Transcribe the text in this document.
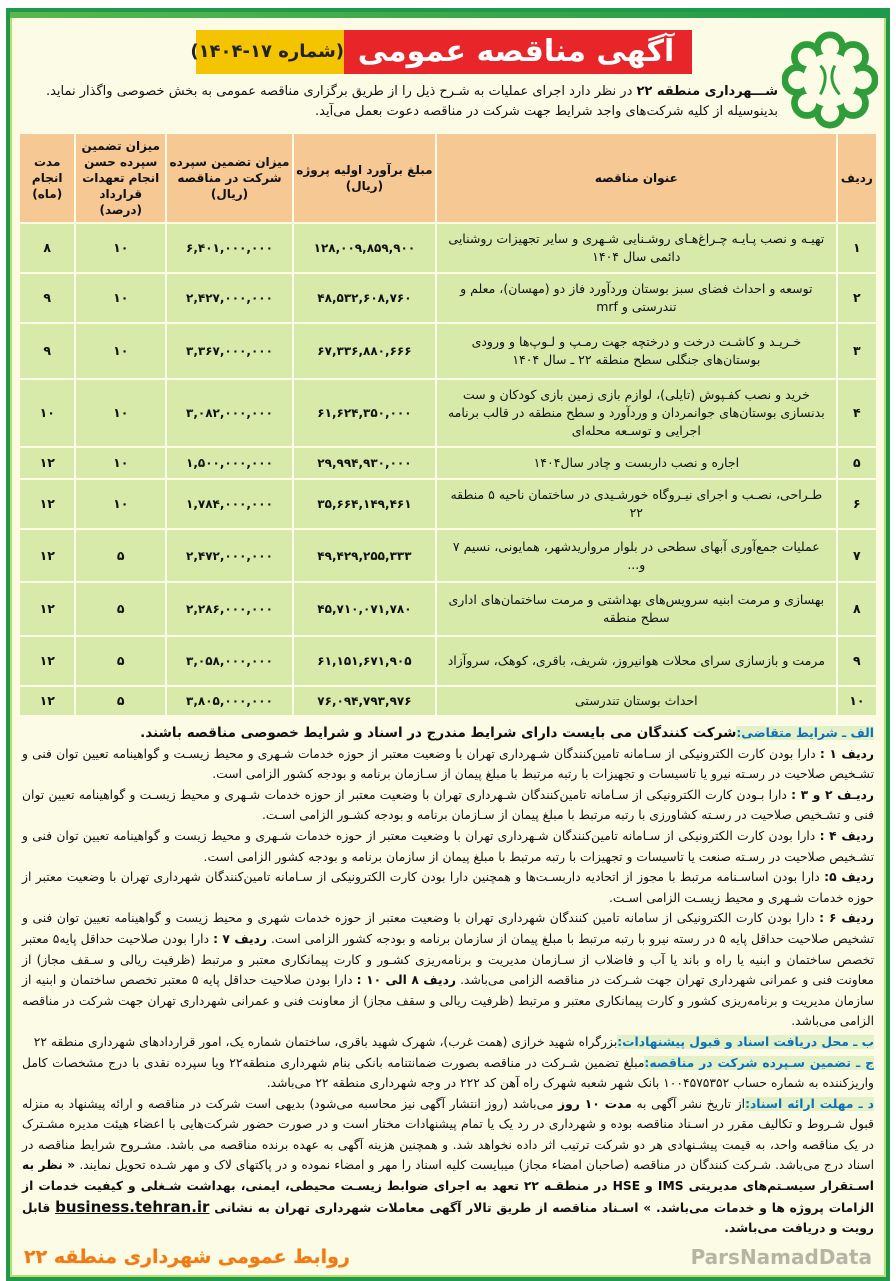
آگهی مناقصه عمومی
(شماره ۱۷-۱۴۰۴)
شـــهرداری منطقه ۲۲ در نظر دارد اجرای عملیات به شـرح ذیل را از طریق برگزاری مناقصه عمومی به بخش خصوصی واگذار نماید.
بدینوسیله از کلیه شرکت‌های واجد شرایط جهت شرکت در مناقصه دعوت بعمل می‌آید.
ردیف	عنوان مناقصه	مبلغ برآورد اولیه پروژه (ریال)	میزان تضمین سپرده شرکت در مناقصه (ریال)	میزان تضمین سپرده حسن انجام تعهدات قرارداد (درصد)	مدت انجام (ماه)
۱	تهیـه و نصب پـایـه چـراغ‌هـای روشـنایی شـهری و سایر تجهیزات روشنایی دائمی سال ۱۴۰۴	۱۲۸,۰۰۹,۸۵۹,۹۰۰	۶,۴۰۱,۰۰۰,۰۰۰	۱۰	۸
۲	توسعه و احداث فضای سبز بوستان وردآورد فاز دو (مهسان)، معلم و تندرستی و mrf	۴۸,۵۳۲,۶۰۸,۷۶۰	۲,۴۲۷,۰۰۰,۰۰۰	۱۰	۹
۳	خـریـد و کاشـت درخت و درختچه جهت رمـپ و لـوپ‌ها و ورودی بوستان‌های جنگلی سطح منطقه ۲۲ ـ سال ۱۴۰۴	۶۷,۳۳۶,۸۸۰,۶۶۶	۳,۳۶۷,۰۰۰,۰۰۰	۱۰	۹
۴	خرید و نصب کفـپوش (تایلی)، لوازم بازی زمین بازی کودکان و ست بدنسازی بوستان‌های جوانمردان و وردآورد و سطح منطقه در قالب برنامه اجرایی و توسـعه محله‌ای	۶۱,۶۲۴,۳۵۰,۰۰۰	۳,۰۸۲,۰۰۰,۰۰۰	۱۰	۱۰
۵	اجاره و نصب داربست و چادر سال۱۴۰۴	۲۹,۹۹۴,۹۳۰,۰۰۰	۱,۵۰۰,۰۰۰,۰۰۰	۱۰	۱۲
۶	طـراحی، نصـب و اجرای نیـروگاه خورشـیدی در ساختمان ناحیه ۵ منطقه ۲۲	۳۵,۶۶۴,۱۴۹,۴۶۱	۱,۷۸۴,۰۰۰,۰۰۰	۱۰	۱۲
۷	عملیات جمع‌آوری آبهای سطحی در بلوار مرواریدشهر، همایونی، نسیم ۷ و...	۴۹,۴۲۹,۲۵۵,۳۳۳	۲,۴۷۲,۰۰۰,۰۰۰	۵	۱۲
۸	بهسازی و مرمت ابنیه سرویس‌های بهداشتی و مرمت ساختمان‌های اداری سطح منطقه	۴۵,۷۱۰,۰۷۱,۷۸۰	۲,۲۸۶,۰۰۰,۰۰۰	۵	۱۲
۹	مرمت و بازسازی سرای محلات هوانیروز، شریف، باقری، کوهک، سروآزاد	۶۱,۱۵۱,۶۷۱,۹۰۵	۳,۰۵۸,۰۰۰,۰۰۰	۵	۱۲
۱۰	احداث بوستان تندرستی	۷۶,۰۹۴,۷۹۳,۹۷۶	۳,۸۰۵,۰۰۰,۰۰۰	۵	۱۲
الف ـ شرایط متقاضی:شرکت کنندگان می بایست دارای شرایط مندرج در اسناد و شرایط خصوصی مناقصه باشند.
ردیف ۱ : دارا بودن کارت الکترونیکی از سـامانه تامین‌کنندگان شـهرداری تهران با وضعیت معتبر از حوزه خدمات شـهری و محیط زیسـت و گواهینامه تعیین توان فنی و تشـخیص صلاحیت در رسـته نیرو یا تاسیسات و تجهیزات با رتبه مرتبط با مبلغ پیمان از سـازمان برنامه و بودجه کشور الزامی است.
ردیـف ۲ و ۳ : دارا بـودن کارت الکترونیکی از سـامانه تامین‌کنندگان شـهرداری تهران با وضعیت معتبر از حوزه خدمات شـهری و محیط زیسـت و گواهینامه تعیین توان فنی و تشـخیص صلاحیت در رسـته کشاورزی با رتبه مرتبط با مبلغ پیمان از سـازمان برنامه و بودجه کشـور الزامی اسـت.
ردیف ۴ : دارا بودن کارت الکترونیکی از سـامانه تامین‌کنندگان شـهرداری تهران با وضعیت معتبر از حوزه خدمات شـهری و محیط زیست و گواهینامه تعیین توان فنی و تشـخیص صلاحیت در رسـته صنعت یا تاسیسات و تجهیزات با رتبه مرتبط با مبلغ پیمان از سازمان برنامه و بودجه کشور الزامی است.
ردیف ۵: دارا بودن اساسـنامه مرتبط با مجوز از اتحادیه داربسـت‌ها و همچنین دارا بودن کارت الکترونیکی از سـامانه تامین‌کنندگان شهرداری تهران با وضعیت معتبر از حوزه خدمات شـهری و محیط زیسـت الزامی اسـت.
ردیف ۶ : دارا بودن کارت الکترونیکی از سامانه تامین کنندگان شهرداری تهران با وضعیت معتبر از حوزه خدمات شهری و محیط زیست و گواهینامه تعیین توان فنی و تشخیص صلاحیت حداقل پایه ۵ در رسته نیرو با رتبه مرتبط با مبلغ پیمان از سازمان برنامه و بودجه کشور الزامی است. ردیف ۷ : دارا بودن صلاحیت حداقل پایه۵ معتبر تخصص ساختمان و ابنیه یا راه و باند یا آب و فاضلاب از سـازمان مدیریت و برنامه‌ریزی کشـور و کارت پیمانکاری معتبر و مرتبط (ظرفیت ریالی و سـقف مجاز) از معاونت فنی و عمرانی شهرداری تهران جهت شـرکت در مناقصه الزامی می‌باشد. ردیف ۸ الی ۱۰ : دارا بودن صلاحیت حداقل پایه ۵ معتبر تخصص ساختمان و ابنیه از سازمان مدیریت و برنامه‌ریزی کشور و کارت پیمانکاری معتبر و مرتبط (ظرفیت ریالی و سقف مجاز) از معاونت فنی و عمرانی شهرداری تهران جهت شرکت در مناقصه الزامی می‌باشد.
ب ـ محل دریافت اسناد و قبول پیشنهادات:بزرگراه شهید خرازی (همت غرب)، شهرک شهید باقری، ساختمان شماره یک، امور قراردادهای شهرداری منطقه ۲۲
ج ـ تضمین سـپرده شرکت در مناقصه:مبلغ تضمین شـرکت در مناقصه بصورت ضمانتنامه بانکی بنام شهرداری منطقه۲۲ ویا سپرده نقدی با درج مشخصات کامل واریزکننده به شماره حساب ۱۰۰۴۵۷۵۳۵۲ بانک شهر شعبه شهرک راه آهن کد ۲۲۲ در وجه شهرداری منطقه ۲۲ می‌باشد.
د ـ مهلت ارائه اسناد:از تاریخ نشر آگهی به مدت ۱۰ روز می‌باشد (روز انتشار آگهی نیز محاسبه می‌شود) بدیهی است شرکت در مناقصه و ارائه پیشنهاد به منزله قبول شـروط و تکالیف مقرر در اسـناد مناقصه بوده و شهرداری در رد یک یا تمام پیشنهادات مختار است و در صورت حضور شرکت‌هایی با اعضاء هیئت مدیره مشـترک در یک مناقصه واحد، به قیمت پیشـنهادی هر دو شرکت ترتیب اثر داده نخواهد شد. و همچنین هزینه آگهی به عهده برنده مناقصه می باشد. مشـروح شرایط مناقصه در اسناد درج می‌باشد. شـرکت کنندگان در مناقصه (صاحبان امضاء مجاز) میبایست کلیه اسناد را مهر و امضاء نموده و در پاکتهای لاک و مهر شـده تحویل نمایند. « نظر به اسـتقرار سیسـتم‌های مدیریتی IMS و HSE در منطقـه ۲۲ تعهد به اجرای ضوابط زیسـت محیطی، ایمنی، بهداشت شـغلی و کیفیت خدمات از الزامات پروژه ها و خدمات می‌باشد. » اسـناد مناقصه از طریق تالار آگهی معاملات شهرداری تهران به نشانی business.tehran.ir قابل رویت و دریافت می‌باشد.
ParsNamadData
روابط عمومی شهرداری منطقه ۲۲
